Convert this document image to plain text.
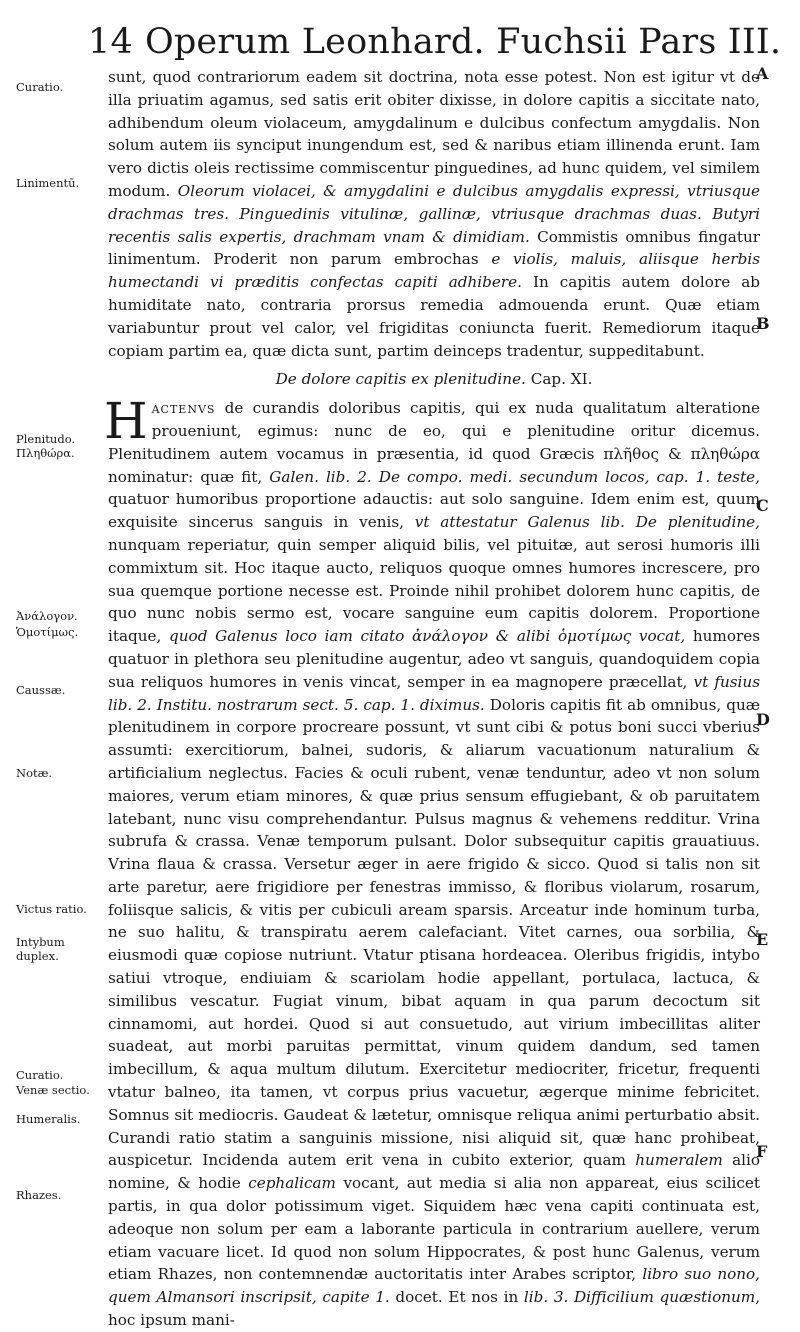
14 Operum Leonhard. Fuchsii Pars III.
Curatio.
Linimentū.
Plenitudo.
Πληθώρα.
Ἀνάλογον.
Ὁμοτίμως.
Caussæ.
Notæ.
Victus ratio.
Intybum duplex.
Curatio.
Venæ sectio.
Humeralis.
Rhazes.
A
B
C
D
E
F

sunt, quod contrariorum eadem sit doctrina, nota esse potest. Non est igitur vt de illa priuatim agamus, sed satis erit obiter dixisse, in dolore capitis a siccitate nato, adhibendum oleum violaceum, amygdalinum e dulcibus confectum amygdalis. Non solum autem iis synciput inungendum est, sed & naribus etiam illinenda erunt. Iam vero dictis oleis rectissime commiscentur pinguedines, ad hunc quidem, vel similem modum. Oleorum violacei, & amygdalini e dulcibus amygdalis expressi, vtriusque drachmas tres. Pinguedinis vitulinæ, gallinæ, vtriusque drachmas duas. Butyri recentis salis expertis, drachmam vnam & dimidiam. Commistis omnibus fingatur linimentum. Proderit non parum embrochas e violis, maluis, aliisque herbis humectandi vi præditis confectas capiti adhibere. In capitis autem dolore ab humiditate nato, contraria prorsus remedia admouenda erunt. Quæ etiam variabuntur prout vel calor, vel frigiditas coniuncta fuerit. Remediorum itaque copiam partim ea, quæ dicta sunt, partim deinceps tradentur, suppeditabunt.

De dolore capitis ex plenitudine. Cap. XI.

Hactenvs de curandis doloribus capitis, qui ex nuda qualitatum alteratione proueniunt, egimus: nunc de eo, qui e plenitudine oritur dicemus. Plenitudinem autem vocamus in præsentia, id quod Græcis πλῆθος & πληθώρα nominatur: quæ fit, Galen. lib. 2. De compo. medi. secundum locos, cap. 1. teste, quatuor humoribus proportione adauctis: aut solo sanguine. Idem enim est, quum exquisite sincerus sanguis in venis, vt attestatur Galenus lib. De plenitudine, nunquam reperiatur, quin semper aliquid bilis, vel pituitæ, aut serosi humoris illi commixtum sit. Hoc itaque aucto, reliquos quoque omnes humores increscere, pro sua quemque portione necesse est. Proinde nihil prohibet dolorem hunc capitis, de quo nunc nobis sermo est, vocare sanguine eum capitis dolorem. Proportione itaque, quod Galenus loco iam citato ἀνάλογον & alibi ὁμοτίμως vocat, humores quatuor in plethora seu plenitudine augentur, adeo vt sanguis, quandoquidem copia sua reliquos humores in venis vincat, semper in ea magnopere præcellat, vt fusius lib. 2. Institu. nostrarum sect. 5. cap. 1. diximus. Doloris capitis fit ab omnibus, quæ plenitudinem in corpore procreare possunt, vt sunt cibi & potus boni succi vberius assumti: exercitiorum, balnei, sudoris, & aliarum vacuationum naturalium & artificialium neglectus. Facies & oculi rubent, venæ tenduntur, adeo vt non solum maiores, verum etiam minores, & quæ prius sensum effugiebant, & ob paruitatem latebant, nunc visu comprehendantur. Pulsus magnus & vehemens redditur. Vrina subrufa & crassa. Venæ temporum pulsant. Dolor subsequitur capitis grauatiuus. Vrina flaua & crassa. Versetur æger in aere frigido & sicco. Quod si talis non sit arte paretur, aere frigidiore per fenestras immisso, & floribus violarum, rosarum, foliisque salicis, & vitis per cubiculi aream sparsis. Arceatur inde hominum turba, ne suo halitu, & transpiratu aerem calefaciant. Vitet carnes, oua sorbilia, & eiusmodi quæ copiose nutriunt. Vtatur ptisana hordeacea. Oleribus frigidis, intybo satiui vtroque, endiuiam & scariolam hodie appellant, portulaca, lactuca, & similibus vescatur. Fugiat vinum, bibat aquam in qua parum decoctum sit cinnamomi, aut hordei. Quod si aut consuetudo, aut virium imbecillitas aliter suadeat, aut morbi paruitas permittat, vinum quidem dandum, sed tamen imbecillum, & aqua multum dilutum. Exercitetur mediocriter, fricetur, frequenti vtatur balneo, ita tamen, vt corpus prius vacuetur, ægerque minime febricitet. Somnus sit mediocris. Gaudeat & lætetur, omnisque reliqua animi perturbatio absit. Curandi ratio statim a sanguinis missione, nisi aliquid sit, quæ hanc prohibeat, auspicetur. Incidenda autem erit vena in cubito exterior, quam humeralem alio nomine, & hodie cephalicam vocant, aut media si alia non appareat, eius scilicet partis, in qua dolor potissimum viget. Siquidem hæc vena capiti continuata est, adeoque non solum per eam a laborante particula in contrarium auellere, verum etiam vacuare licet. Id quod non solum Hippocrates, & post hunc Galenus, verum etiam Rhazes, non contemnendæ auctoritatis inter Arabes scriptor, libro suo nono, quem Almansori inscripsit, capite 1. docet. Et nos in lib. 3. Difficilium quæstionum, hoc ipsum mani-
